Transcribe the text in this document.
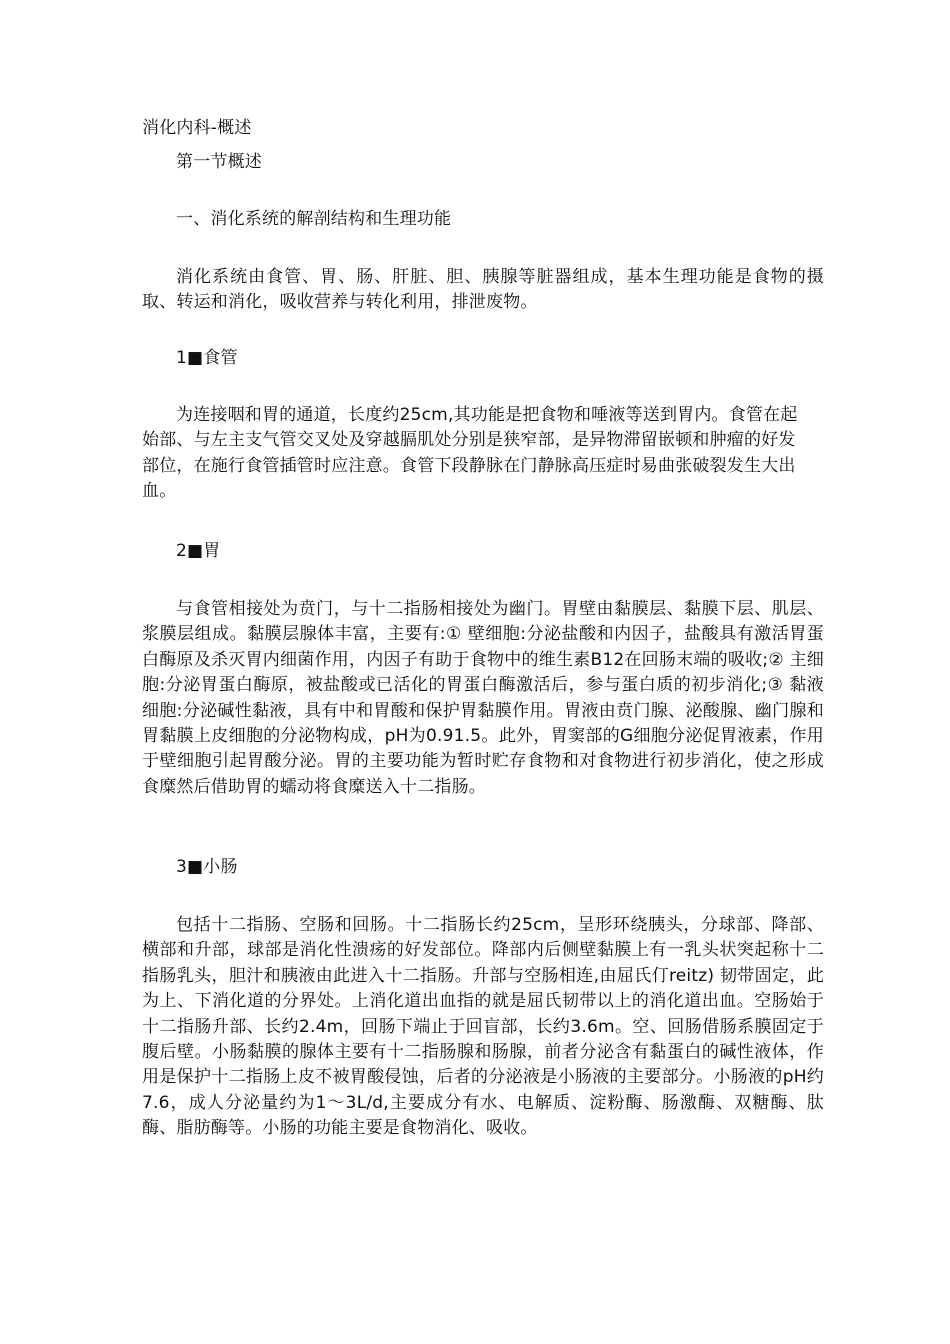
消化内科-概述
第一节概述
一、消化系统的解剖结构和生理功能
消化系统由食管、胃、肠、肝脏、胆、胰腺等脏器组成，基本生理功能是食物的摄取、转运和消化，吸收营养与转化利用，排泄废物。
1■食管
为连接咽和胃的通道，长度约25cm,其功能是把食物和唾液等送到胃内。食管在起始部、与左主支气管交叉处及穿越膈肌处分别是狭窄部，是异物滞留嵌顿和肿瘤的好发部位，在施行食管插管时应注意。食管下段静脉在门静脉高压症时易曲张破裂发生大出血。
2■胃
与食管相接处为贲门，与十二指肠相接处为幽门。胃壁由黏膜层、黏膜下层、肌层、浆膜层组成。黏膜层腺体丰富，主要有:① 壁细胞:分泌盐酸和内因子，盐酸具有激活胃蛋白酶原及杀灭胃内细菌作用，内因子有助于食物中的维生素B12在回肠末端的吸收;② 主细胞:分泌胃蛋白酶原，被盐酸或已活化的胃蛋白酶激活后，参与蛋白质的初步消化;③ 黏液细胞:分泌碱性黏液，具有中和胃酸和保护胃黏膜作用。胃液由贲门腺、泌酸腺、幽门腺和胃黏膜上皮细胞的分泌物构成，pH为0.91.5。此外，胃窦部的G细胞分泌促胃液素，作用于壁细胞引起胃酸分泌。胃的主要功能为暂时贮存食物和对食物进行初步消化，使之形成食糜然后借助胃的蠕动将食糜送入十二指肠。
3■小肠
包括十二指肠、空肠和回肠。十二指肠长约25cm，呈形环绕胰头，分球部、降部、横部和升部，球部是消化性溃疡的好发部位。降部内后侧壁黏膜上有一乳头状突起称十二指肠乳头，胆汁和胰液由此进入十二指肠。升部与空肠相连,由屈氏仃reitz) 韧带固定，此为上、下消化道的分界处。上消化道出血指的就是屈氏韧带以上的消化道出血。空肠始于十二指肠升部、长约2.4m，回肠下端止于回盲部，长约3.6m。空、回肠借肠系膜固定于腹后壁。小肠黏膜的腺体主要有十二指肠腺和肠腺，前者分泌含有黏蛋白的碱性液体，作用是保护十二指肠上皮不被胃酸侵蚀，后者的分泌液是小肠液的主要部分。小肠液的pH约7.6，成人分泌量约为1〜3L/d,主要成分有水、电解质、淀粉酶、肠激酶、双糖酶、肽酶、脂肪酶等。小肠的功能主要是食物消化、吸收。
